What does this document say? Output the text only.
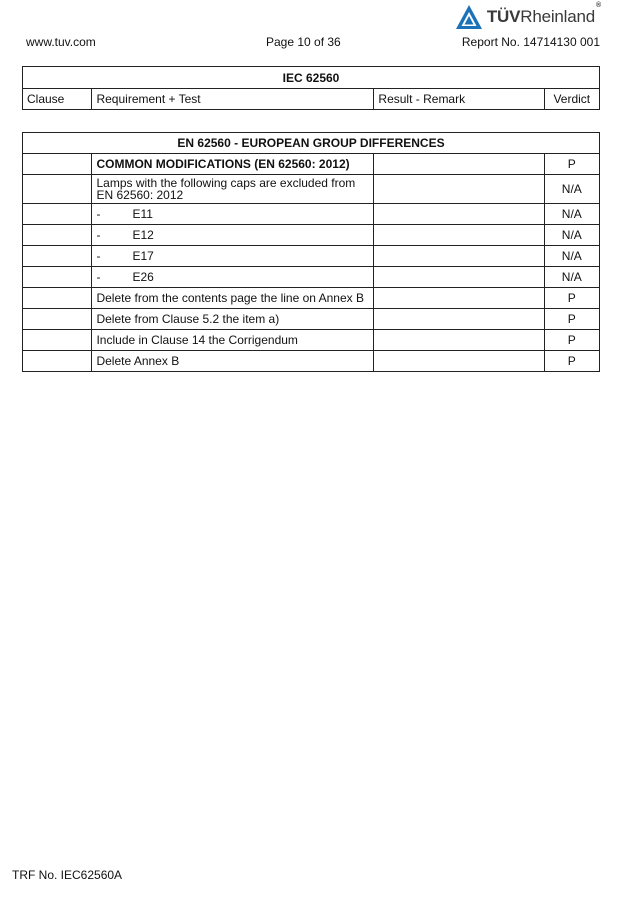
www.tuv.com	Page 10 of 36	Report No. 14714130 001
TÜVRheinland®
IEC 62560
Clause	Requirement + Test	Result - Remark	Verdict
EN 62560 - EUROPEAN GROUP DIFFERENCES			
	COMMON MODIFICATIONS (EN 62560: 2012)		P
	Lamps with the following caps are excluded from EN 62560: 2012		N/A
	- E11		N/A
	- E12		N/A
	- E17		N/A
	- E26		N/A
	Delete from the contents page the line on Annex B		P
	Delete from Clause 5.2 the item a)		P
	Include in Clause 14 the Corrigendum		P
	Delete Annex B		P
TRF No. IEC62560A
